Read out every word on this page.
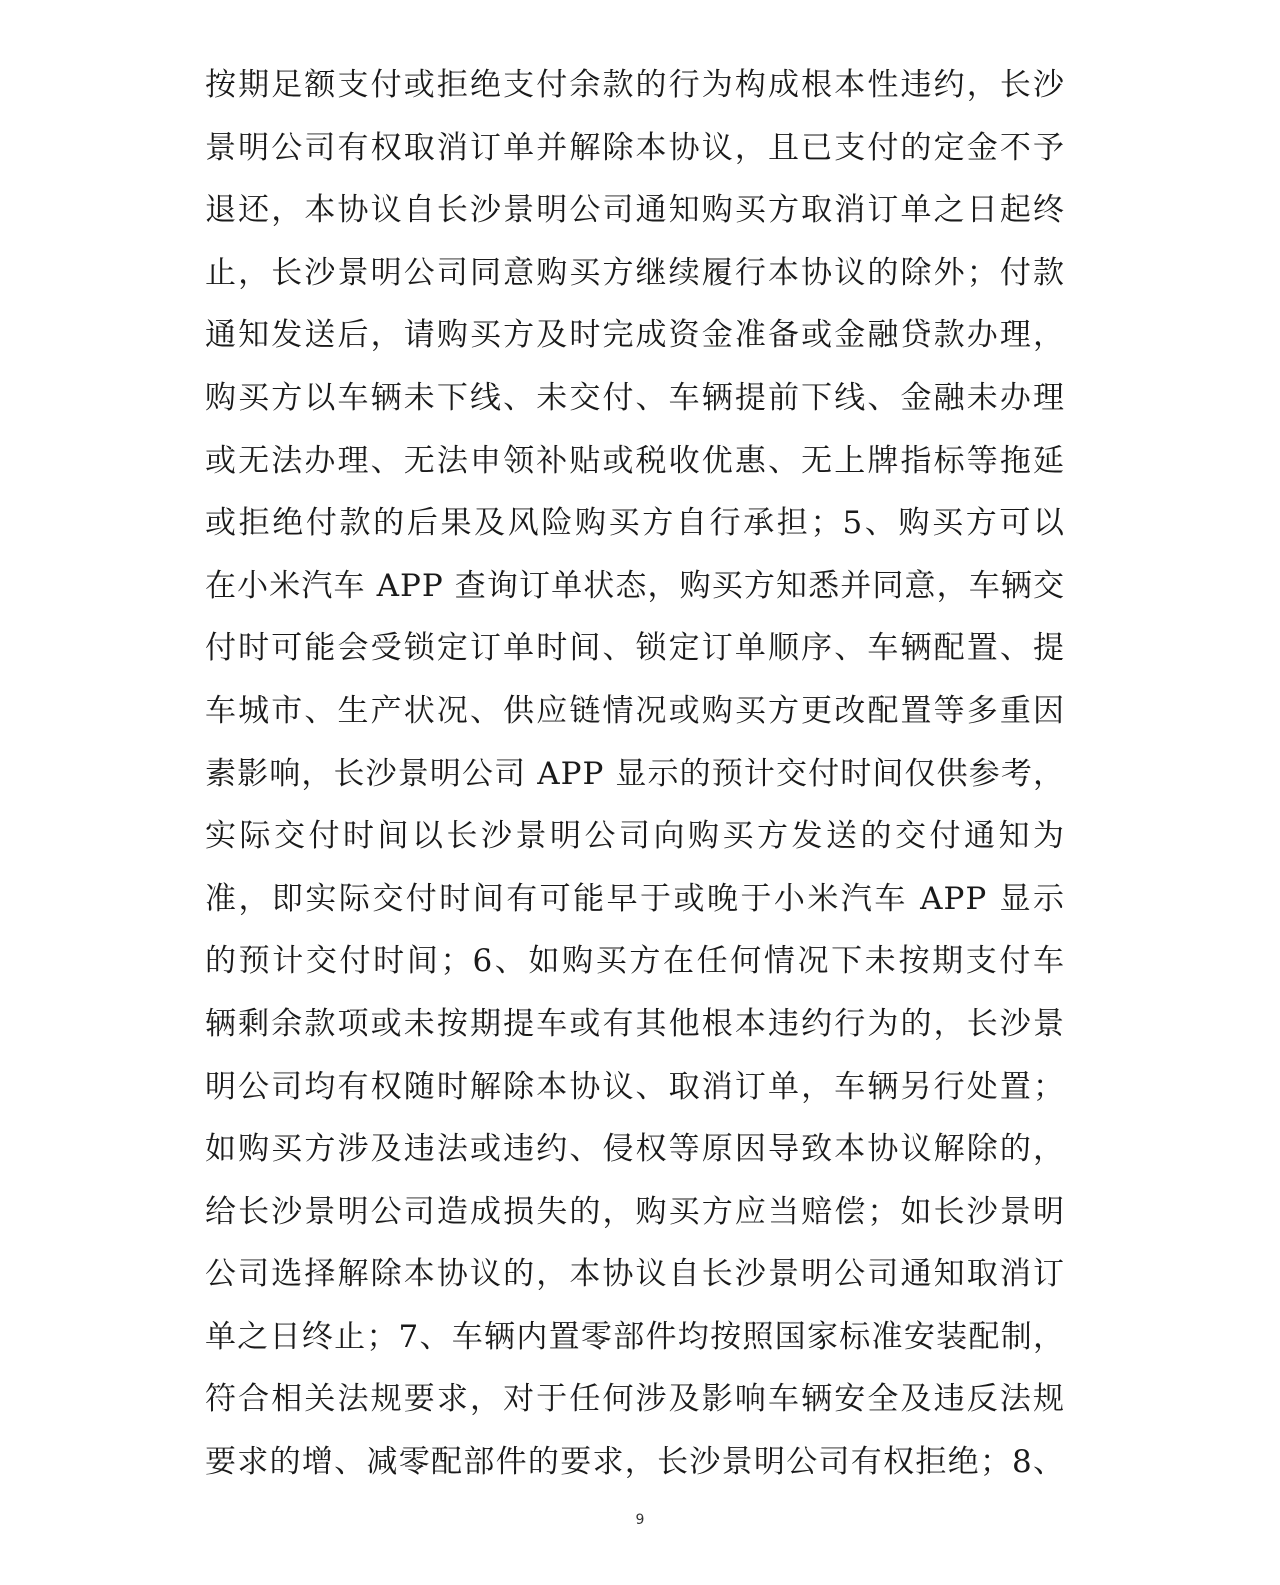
按期足额支付或拒绝支付余款的行为构成根本性违约，长沙
景明公司有权取消订单并解除本协议，且已支付的定金不予
退还，本协议自长沙景明公司通知购买方取消订单之日起终
止，长沙景明公司同意购买方继续履行本协议的除外；付款
通知发送后，请购买方及时完成资金准备或金融贷款办理，
购买方以车辆未下线、未交付、车辆提前下线、金融未办理
或无法办理、无法申领补贴或税收优惠、无上牌指标等拖延
或拒绝付款的后果及风险购买方自行承担；5、购买方可以
在小米汽车 APP 查询订单状态，购买方知悉并同意，车辆交
付时可能会受锁定订单时间、锁定订单顺序、车辆配置、提
车城市、生产状况、供应链情况或购买方更改配置等多重因
素影响，长沙景明公司 APP 显示的预计交付时间仅供参考，
实际交付时间以长沙景明公司向购买方发送的交付通知为
准，即实际交付时间有可能早于或晚于小米汽车 APP 显示
的预计交付时间；6、如购买方在任何情况下未按期支付车
辆剩余款项或未按期提车或有其他根本违约行为的，长沙景
明公司均有权随时解除本协议、取消订单，车辆另行处置；
如购买方涉及违法或违约、侵权等原因导致本协议解除的，
给长沙景明公司造成损失的，购买方应当赔偿；如长沙景明
公司选择解除本协议的，本协议自长沙景明公司通知取消订
单之日终止；7、车辆内置零部件均按照国家标准安装配制，
符合相关法规要求，对于任何涉及影响车辆安全及违反法规
要求的增、减零配部件的要求，长沙景明公司有权拒绝；8、
9
